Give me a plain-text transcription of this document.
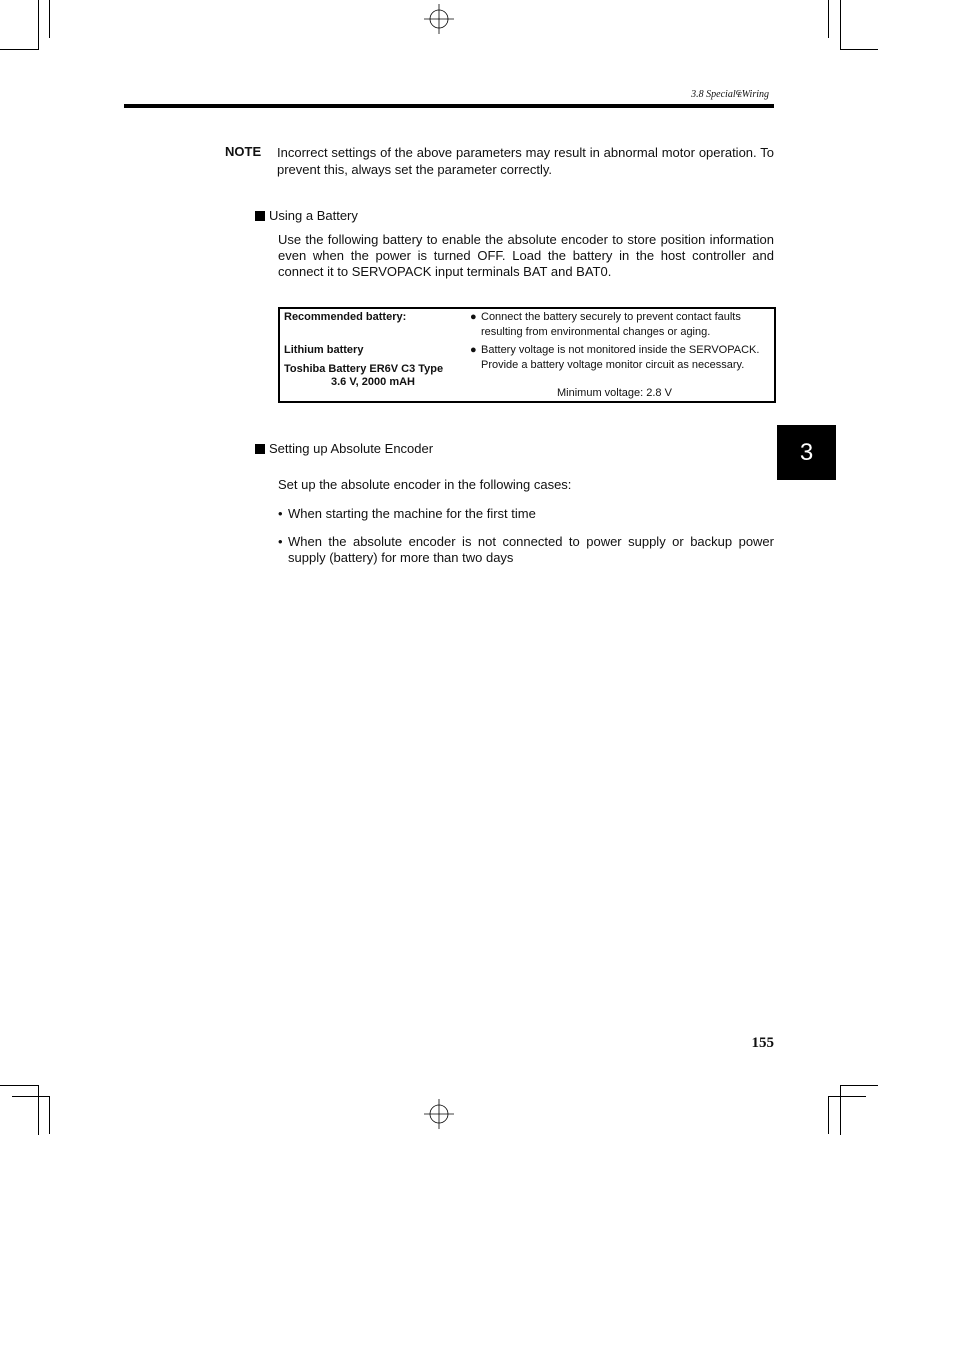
3.8 Special₠Wiring
NOTE Incorrect settings of the above parameters may result in abnormal motor operation. To prevent this, always set the parameter correctly.
Using a Battery
Use the following battery to enable the absolute encoder to store position information even when the power is turned OFF. Load the battery in the host controller and connect it to SERVOPACK input terminals BAT and BAT0.
Recommended battery:
Lithium battery
Toshiba Battery ER6V C3 Type
3.6 V, 2000 mAH
● Connect the battery securely to prevent contact faults resulting from environmental changes or aging.
● Battery voltage is not monitored inside the SERVOPACK. Provide a battery voltage monitor circuit as necessary.
Minimum voltage: 2.8 V
3
Setting up Absolute Encoder
Set up the absolute encoder in the following cases:
• When starting the machine for the first time
• When the absolute encoder is not connected to power supply or backup power supply (battery) for more than two days
155
